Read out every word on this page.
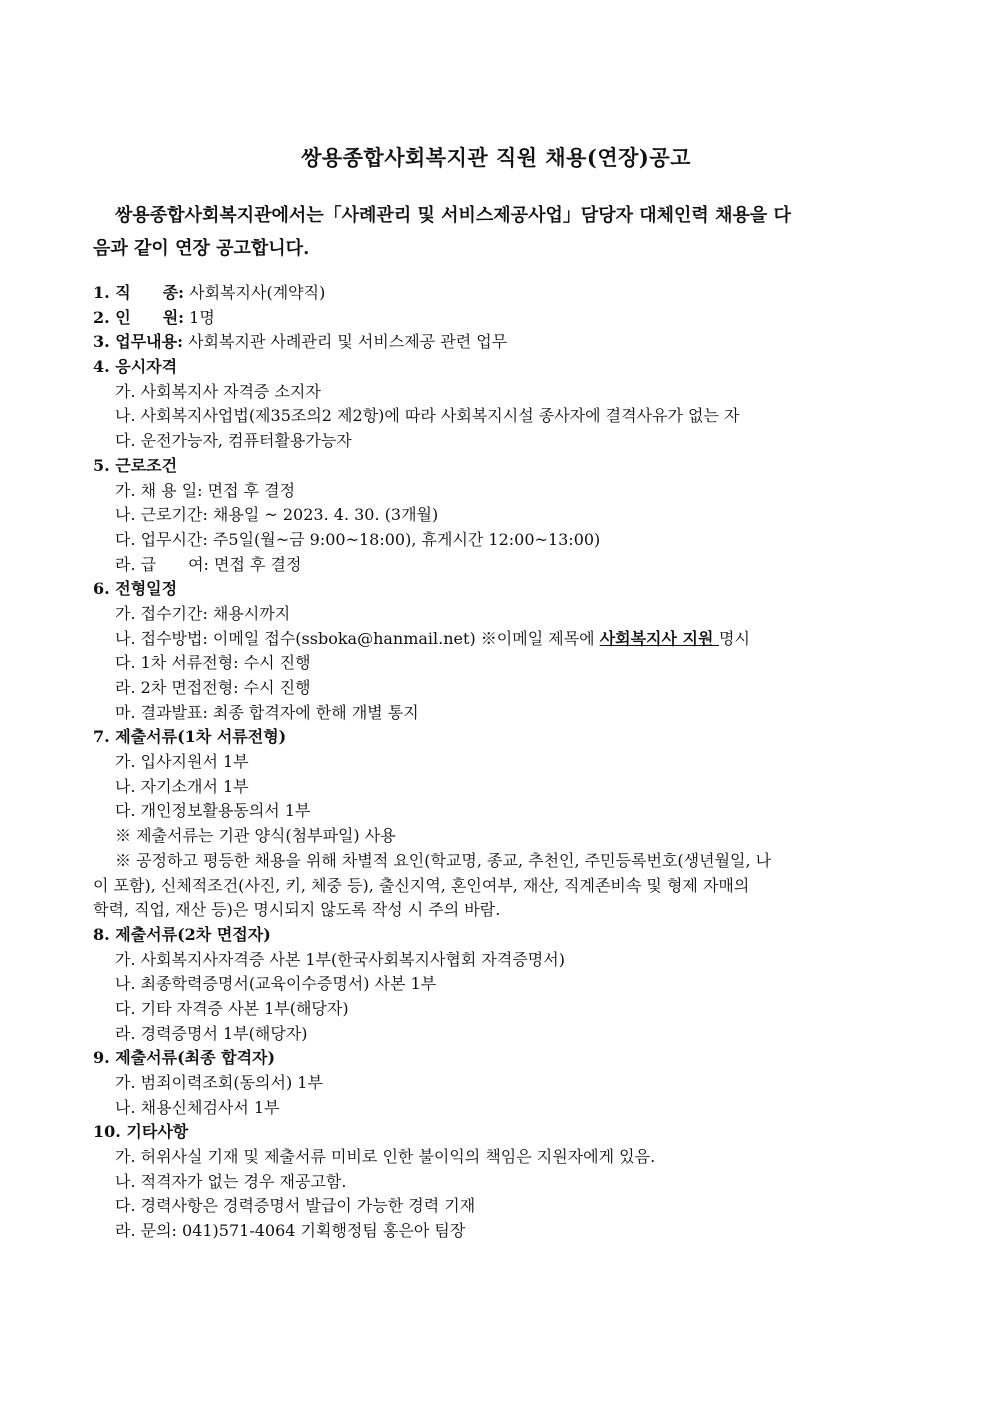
쌍용종합사회복지관 직원 채용(연장)공고
쌍용종합사회복지관에서는「사례관리 및 서비스제공사업」담당자 대체인력 채용을 다
음과 같이 연장 공고합니다.
1. 직　　종: 사회복지사(계약직)
2. 인　　원: 1명
3. 업무내용: 사회복지관 사례관리 및 서비스제공 관련 업무
4. 응시자격
가. 사회복지사 자격증 소지자
나. 사회복지사업법(제35조의2 제2항)에 따라 사회복지시설 종사자에 결격사유가 없는 자
다. 운전가능자, 컴퓨터활용가능자
5. 근로조건
가. 채 용 일: 면접 후 결정
나. 근로기간: 채용일 ~ 2023. 4. 30. (3개월)
다. 업무시간: 주5일(월~금 9:00~18:00), 휴게시간 12:00~13:00)
라. 급　　여: 면접 후 결정
6. 전형일정
가. 접수기간: 채용시까지
나. 접수방법: 이메일 접수(ssboka@hanmail.net) ※이메일 제목에 사회복지사 지원 명시
다. 1차 서류전형: 수시 진행
라. 2차 면접전형: 수시 진행
마. 결과발표: 최종 합격자에 한해 개별 통지
7. 제출서류(1차 서류전형)
가. 입사지원서 1부
나. 자기소개서 1부
다. 개인정보활용동의서 1부
※ 제출서류는 기관 양식(첨부파일) 사용
※ 공정하고 평등한 채용을 위해 차별적 요인(학교명, 종교, 추천인, 주민등록번호(생년월일, 나
이 포함), 신체적조건(사진, 키, 체중 등), 출신지역, 혼인여부, 재산, 직계존비속 및 형제 자매의
학력, 직업, 재산 등)은 명시되지 않도록 작성 시 주의 바람.
8. 제출서류(2차 면접자)
가. 사회복지사자격증 사본 1부(한국사회복지사협회 자격증명서)
나. 최종학력증명서(교육이수증명서) 사본 1부
다. 기타 자격증 사본 1부(해당자)
라. 경력증명서 1부(해당자)
9. 제출서류(최종 합격자)
가. 범죄이력조회(동의서) 1부
나. 채용신체검사서 1부
10. 기타사항
가. 허위사실 기재 및 제출서류 미비로 인한 불이익의 책임은 지원자에게 있음.
나. 적격자가 없는 경우 재공고함.
다. 경력사항은 경력증명서 발급이 가능한 경력 기재
라. 문의: 041)571-4064 기획행정팀 홍은아 팀장
